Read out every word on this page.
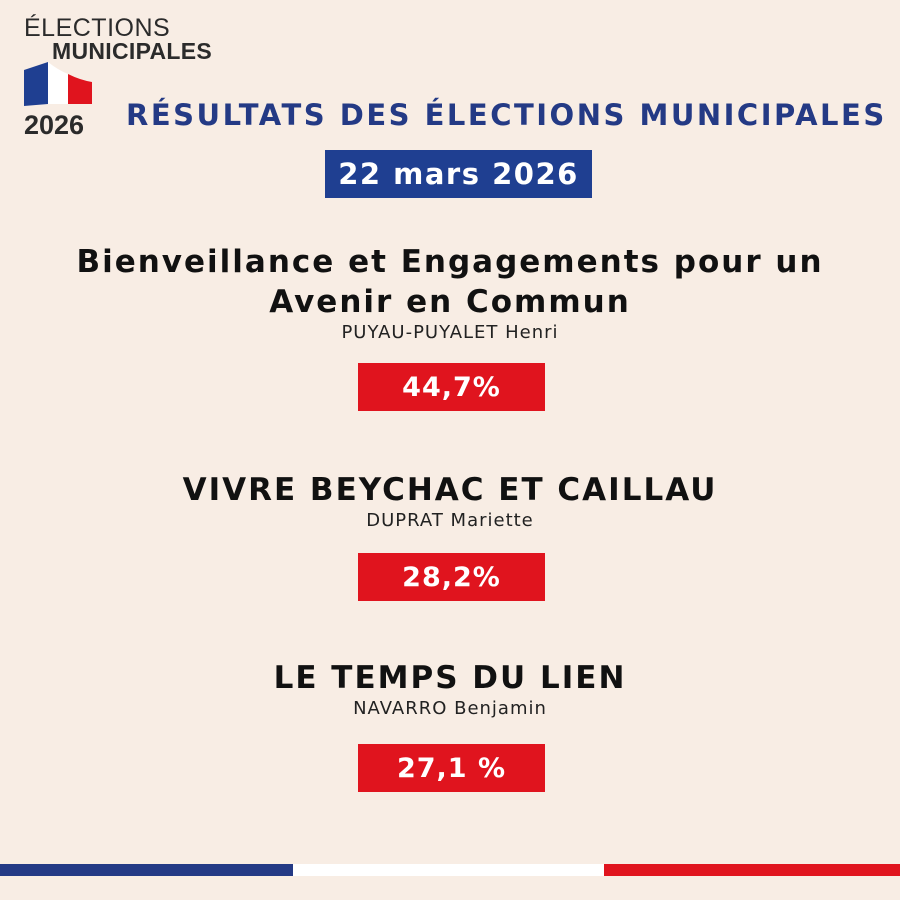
ÉLECTIONS
MUNICIPALES
2026 RÉSULTATS DES ÉLECTIONS MUNICIPALES
22 mars 2026
Bienveillance et Engagements pour un Avenir en Commun
PUYAU-PUYALET Henri
44,7%
VIVRE BEYCHAC ET CAILLAU
DUPRAT Mariette
28,2%
LE TEMPS DU LIEN
NAVARRO Benjamin
27,1 %
